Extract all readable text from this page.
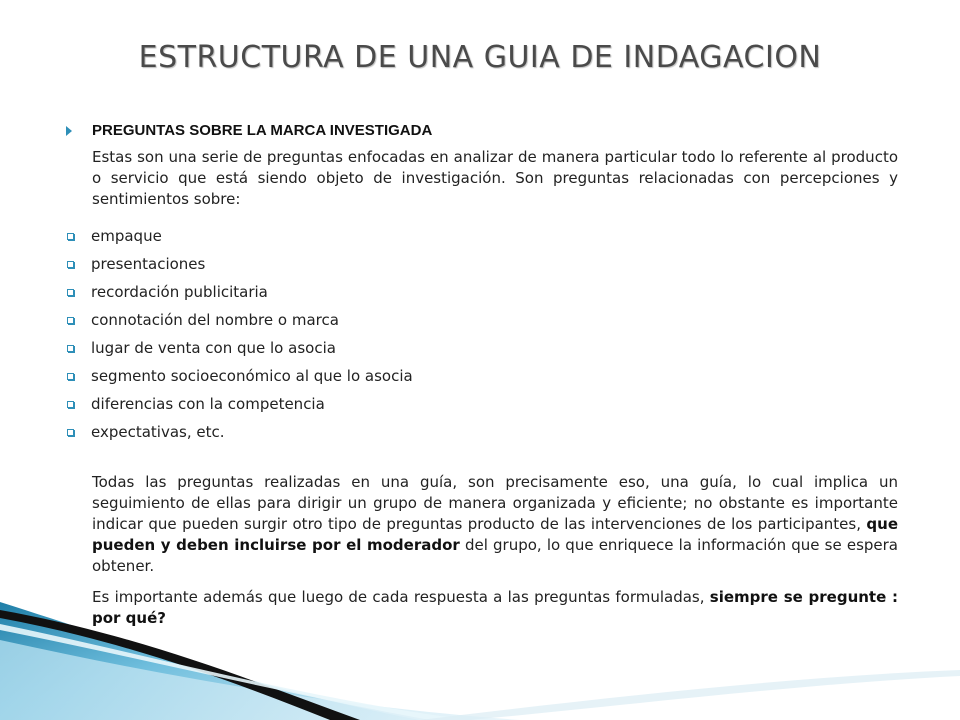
ESTRUCTURA DE UNA GUIA DE INDAGACION
PREGUNTAS SOBRE LA MARCA INVESTIGADA
Estas son una serie de preguntas enfocadas en analizar de manera particular todo lo referente al producto o servicio que está siendo objeto de investigación. Son preguntas relacionadas con percepciones y sentimientos sobre:
empaque
presentaciones
recordación publicitaria
connotación del nombre o marca
lugar de venta con que lo asocia
segmento socioeconómico al que lo asocia
diferencias con la competencia
expectativas, etc.
Todas las preguntas realizadas en una guía, son precisamente eso, una guía, lo cual implica un seguimiento de ellas para dirigir un grupo de manera organizada y eficiente; no obstante es importante indicar que pueden surgir otro tipo de preguntas producto de las intervenciones de los participantes, que pueden y deben incluirse por el moderador del grupo, lo que enriquece la información que se espera obtener.
Es importante además que luego de cada respuesta a las preguntas formuladas, siempre se pregunte : por qué?
